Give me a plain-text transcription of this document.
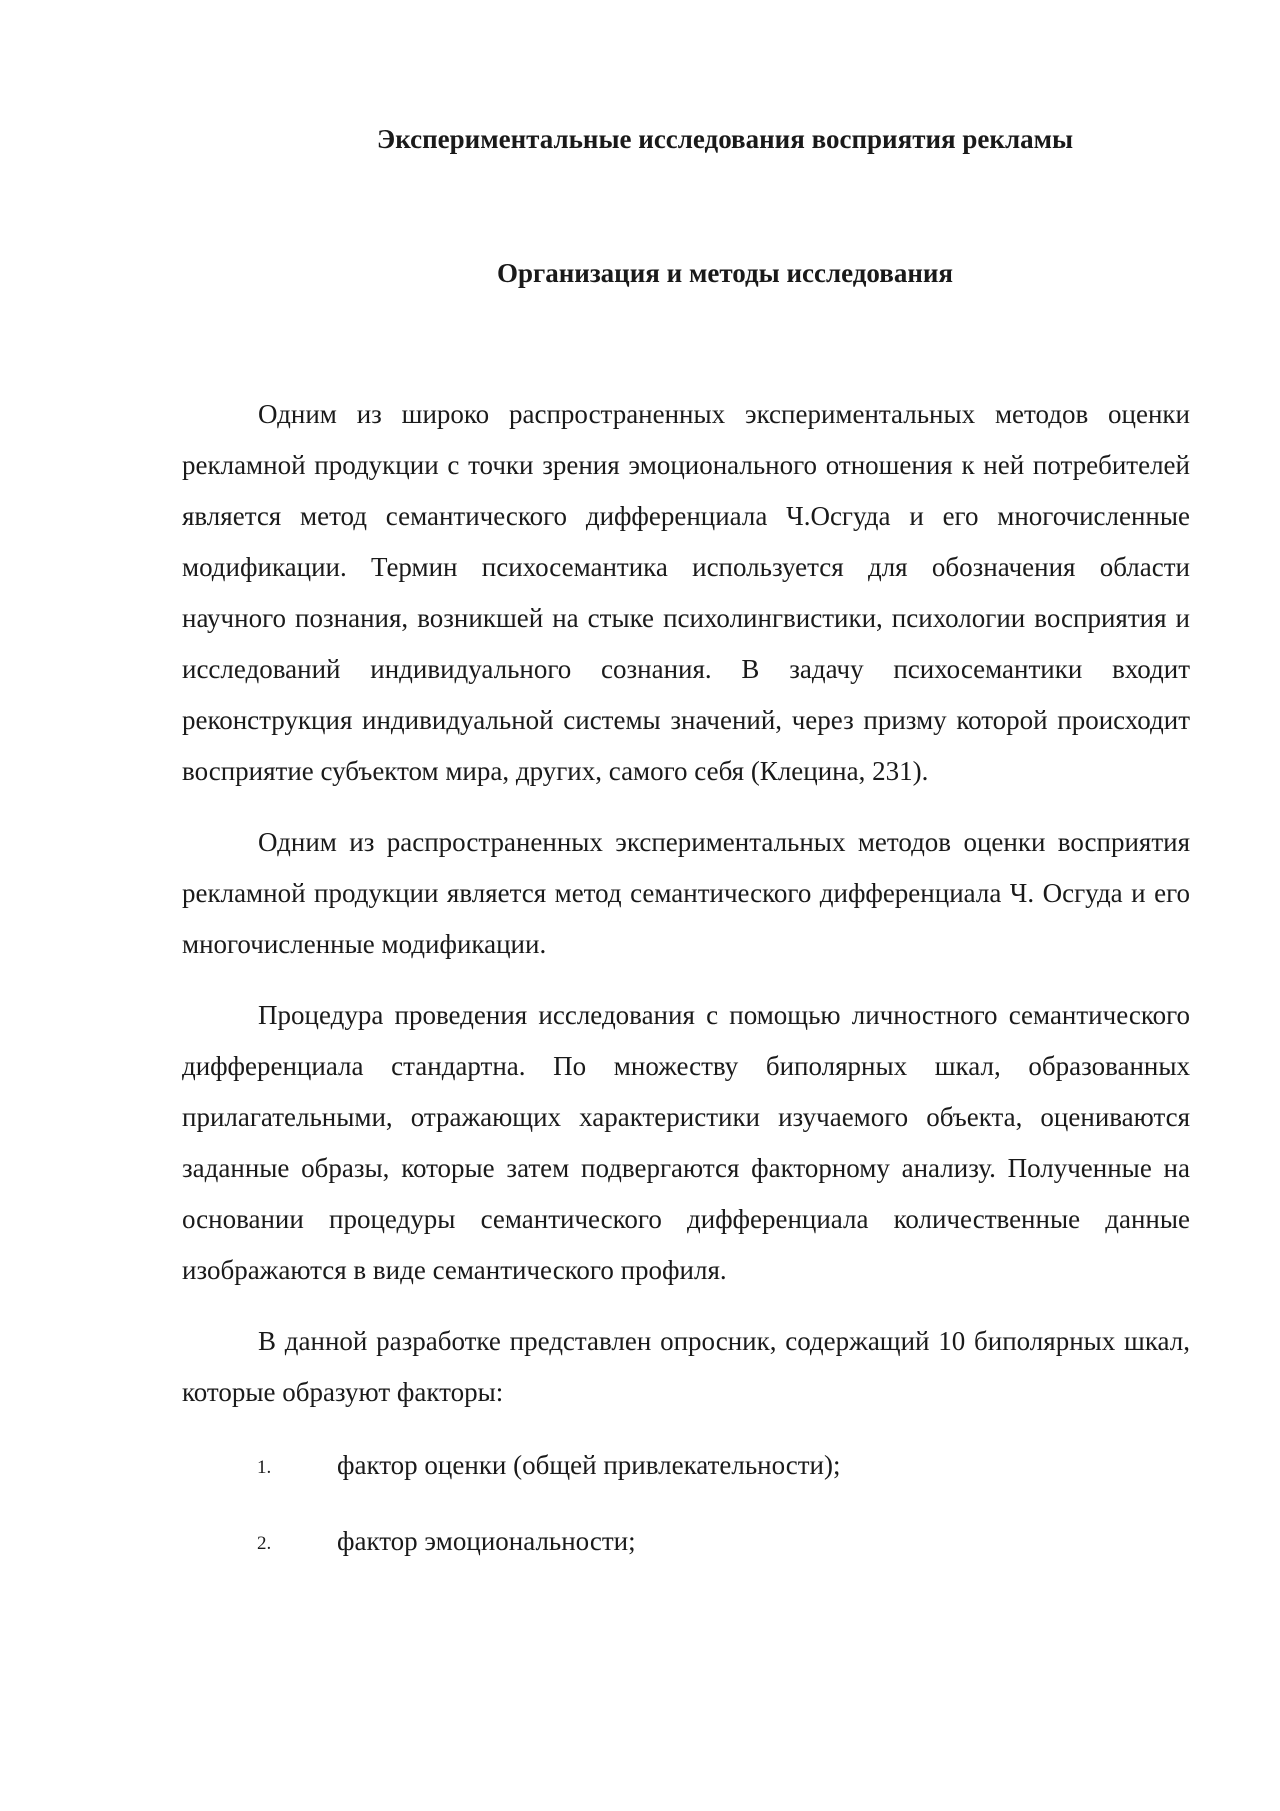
Экспериментальные исследования восприятия рекламы
Организация и методы исследования

Одним из широко распространенных экспериментальных методов оценки рекламной продукции с точки зрения эмоционального отношения к ней потребителей является метод семантического дифференциала Ч.Осгуда и его многочисленные модификации. Термин психосемантика используется для обозначения области научного познания, возникшей на стыке психолингвистики, психологии восприятия и исследований индивидуального сознания. В задачу психосемантики входит реконструкция индивидуальной системы значений, через призму которой происходит восприятие субъектом мира, других, самого себя (Клецина, 231).

Одним из распространенных экспериментальных методов оценки восприятия рекламной продукции является метод семантического дифференциала Ч. Осгуда и его многочисленные модификации.

Процедура проведения исследования с помощью личностного семантического дифференциала стандартна. По множеству биполярных шкал, образованных прилагательными, отражающих характеристики изучаемого объекта, оцениваются заданные образы, которые затем подвергаются факторному анализу. Полученные на основании процедуры семантического дифференциала количественные данные изображаются в виде семантического профиля.

В данной разработке представлен опросник, содержащий 10 биполярных шкал, которые образуют факторы:

1. фактор оценки (общей привлекательности);
2. фактор эмоциональности;
